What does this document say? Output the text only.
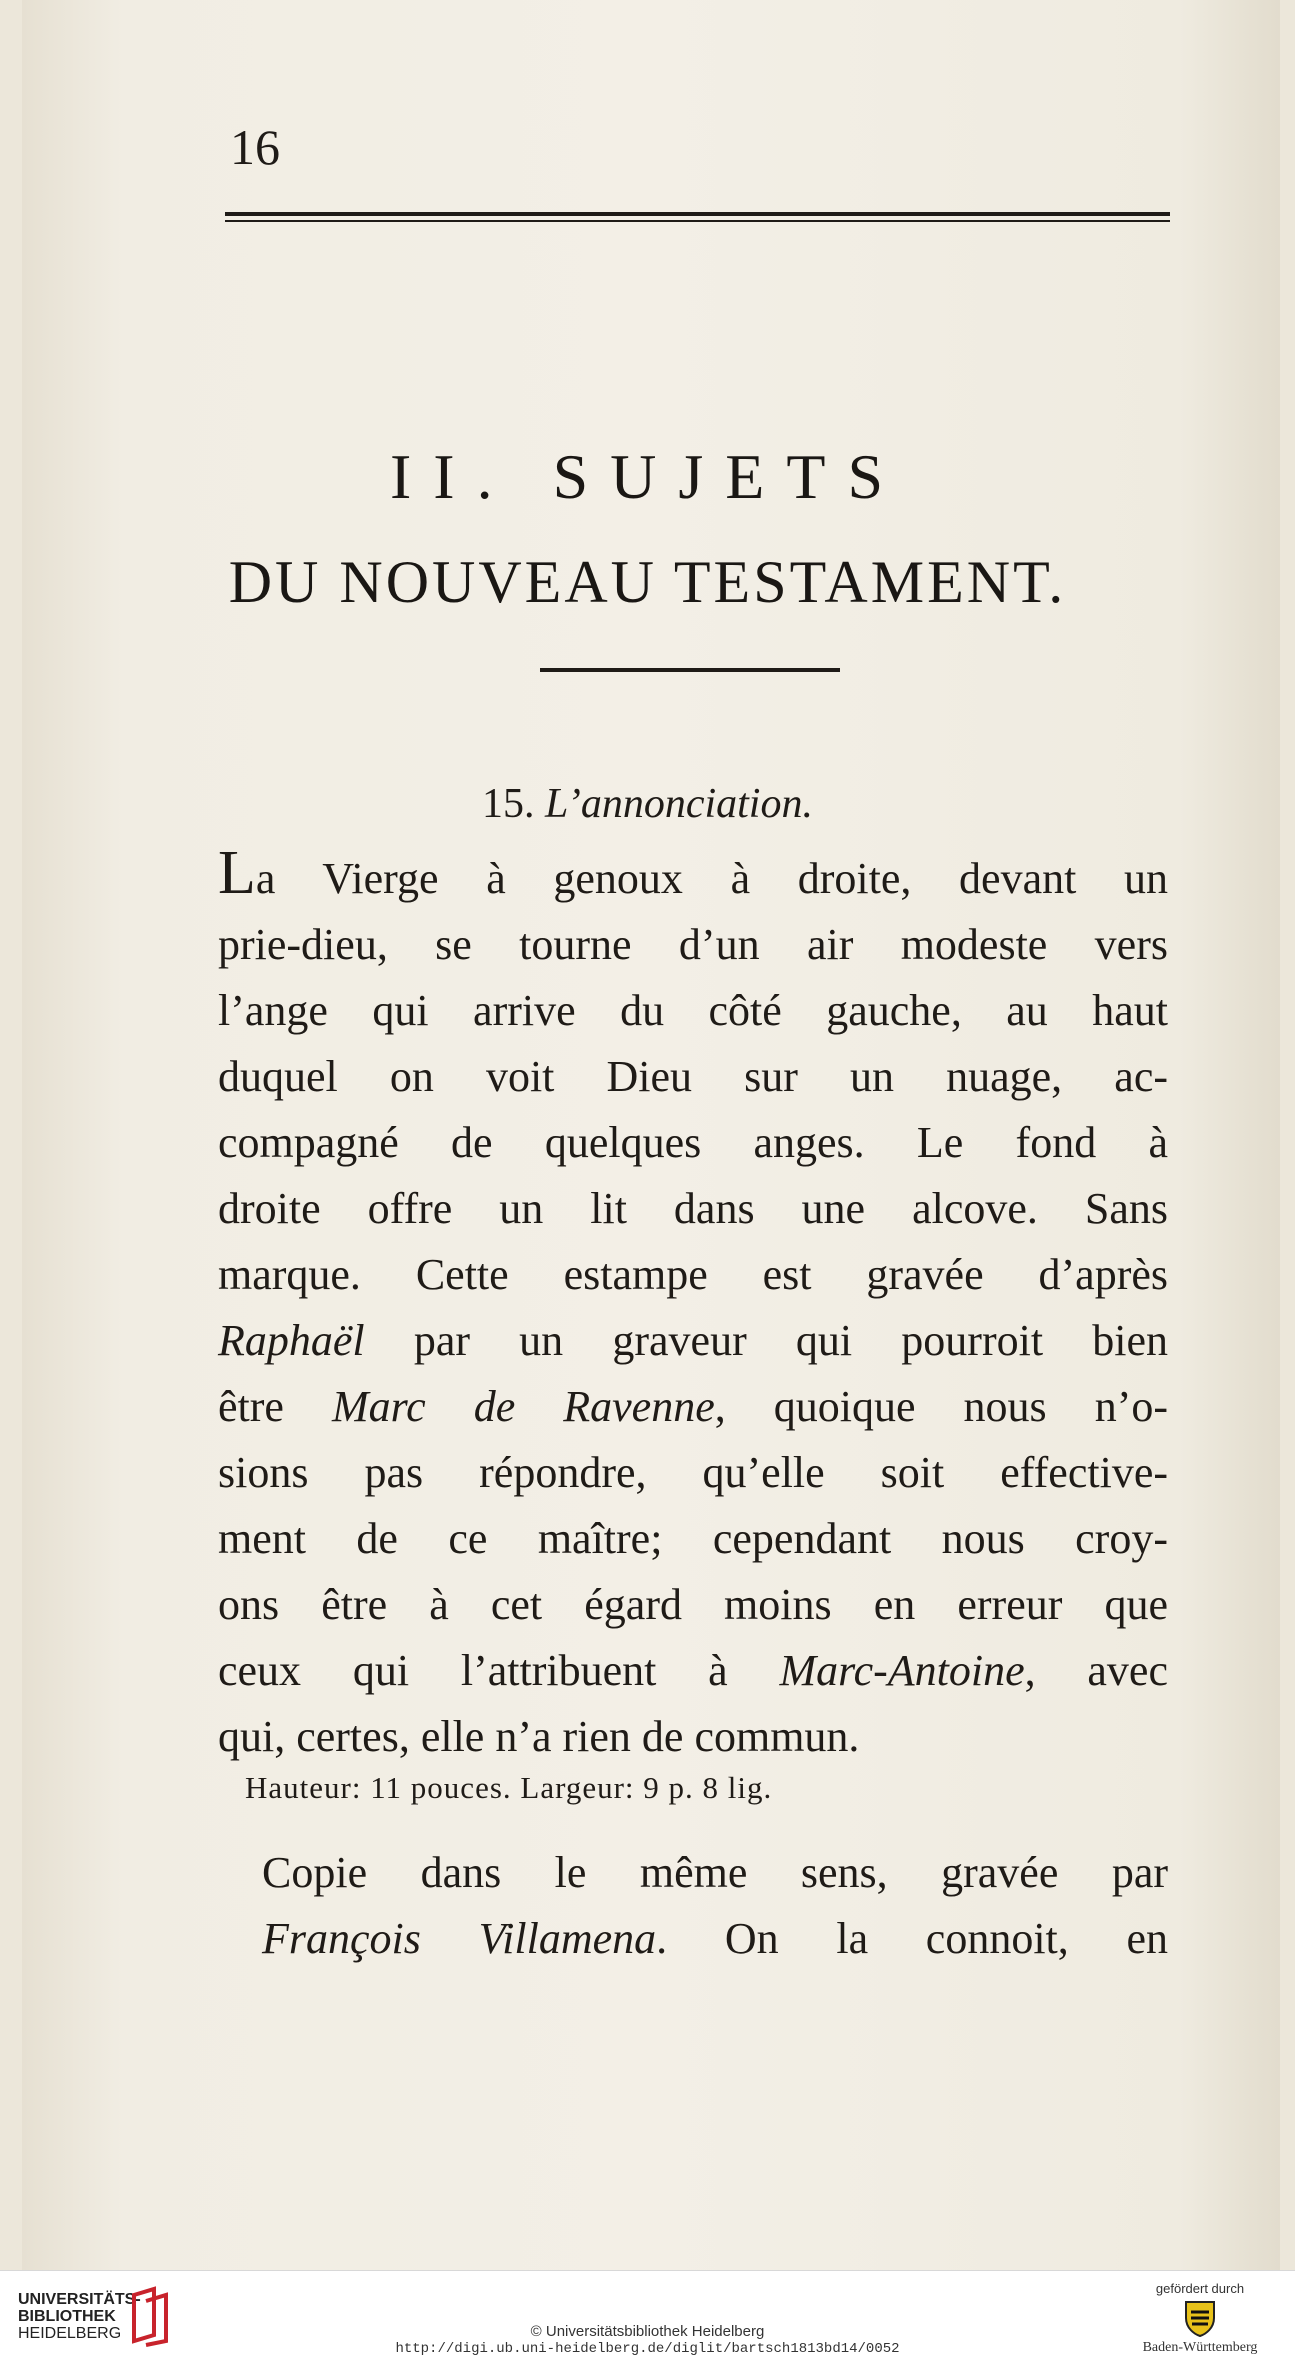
16
II. SUJETS
DU NOUVEAU TESTAMENT.
15. L’annonciation.
La Vierge à genoux à droite, devant un
prie-dieu, se tourne d’un air modeste vers
l’ange qui arrive du côté gauche, au haut
duquel on voit Dieu sur un nuage, ac-
compagné de quelques anges. Le fond à
droite offre un lit dans une alcove. Sans
marque. Cette estampe est gravée d’après
Raphaël par un graveur qui pourroit bien
être Marc de Ravenne, quoique nous n’o-
sions pas répondre, qu’elle soit effective-
ment de ce maître; cependant nous croy-
ons être à cet égard moins en erreur que
ceux qui l’attribuent à Marc-Antoine, avec
qui, certes, elle n’a rien de commun.
Hauteur: 11 pouces. Largeur: 9 p. 8 lig.
Copie dans le même sens, gravée par
François Villamena. On la connoit, en
UNIVERSITÄTS-
BIBLIOTHEK
HEIDELBERG	© Universitätsbibliothek Heidelberg
http://digi.ub.uni-heidelberg.de/diglit/bartsch1813bd14/0052
gefördert durch
Baden-Württemberg
